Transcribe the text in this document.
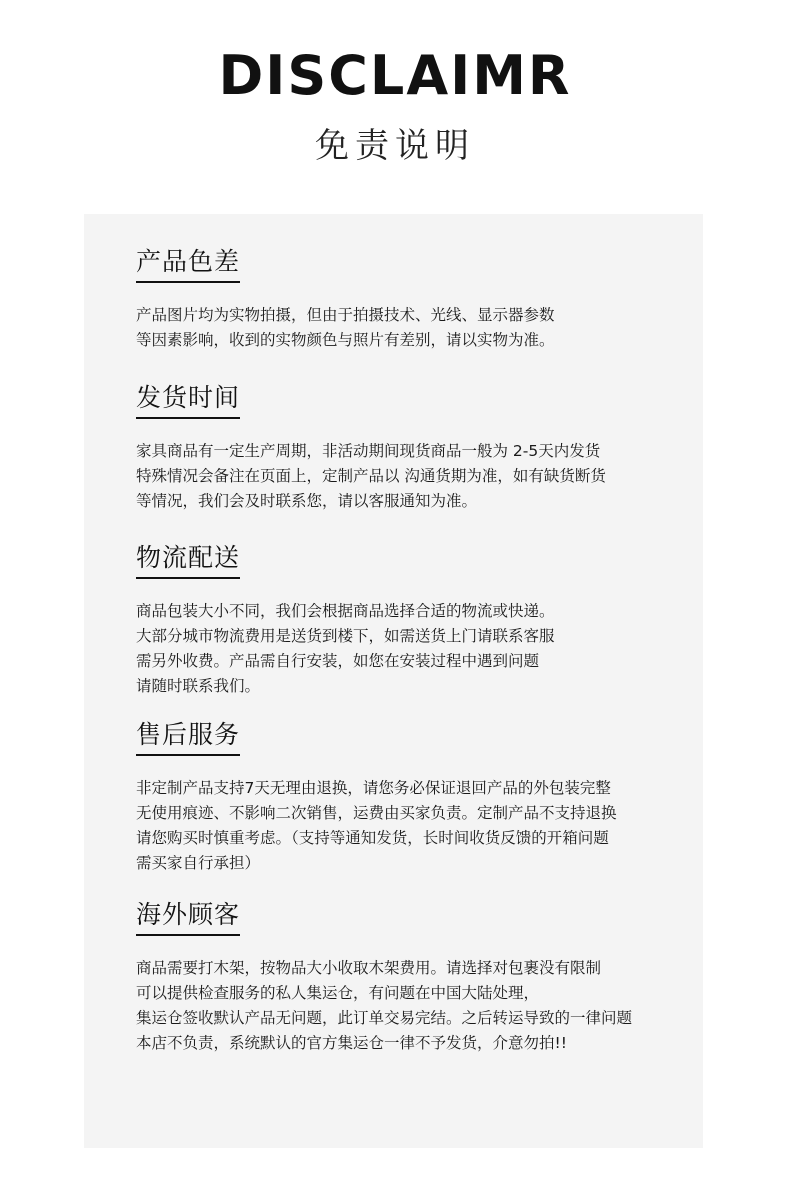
DISCLAIMR
免责说明
产品色差
产品图片均为实物拍摄，但由于拍摄技术、光线、显示器参数
等因素影响，收到的实物颜色与照片有差别，请以实物为准。
发货时间
家具商品有一定生产周期，非活动期间现货商品一般为 2-5天内发货
特殊情况会备注在页面上，定制产品以 沟通货期为准，如有缺货断货
等情况，我们会及时联系您，请以客服通知为准。
物流配送
商品包装大小不同，我们会根据商品选择合适的物流或快递。
大部分城市物流费用是送货到楼下，如需送货上门请联系客服
需另外收费。产品需自行安装，如您在安装过程中遇到问题
请随时联系我们。
售后服务
非定制产品支持7天无理由退换，请您务必保证退回产品的外包装完整
无使用痕迹、不影响二次销售，运费由买家负责。定制产品不支持退换
请您购买时慎重考虑。（支持等通知发货，长时间收货反馈的开箱问题
需买家自行承担）
海外顾客
商品需要打木架，按物品大小收取木架费用。请选择对包裹没有限制
可以提供检查服务的私人集运仓，有问题在中国大陆处理，
集运仓签收默认产品无问题，此订单交易完结。之后转运导致的一律问题
本店不负责，系统默认的官方集运仓一律不予发货，介意勿拍!!
